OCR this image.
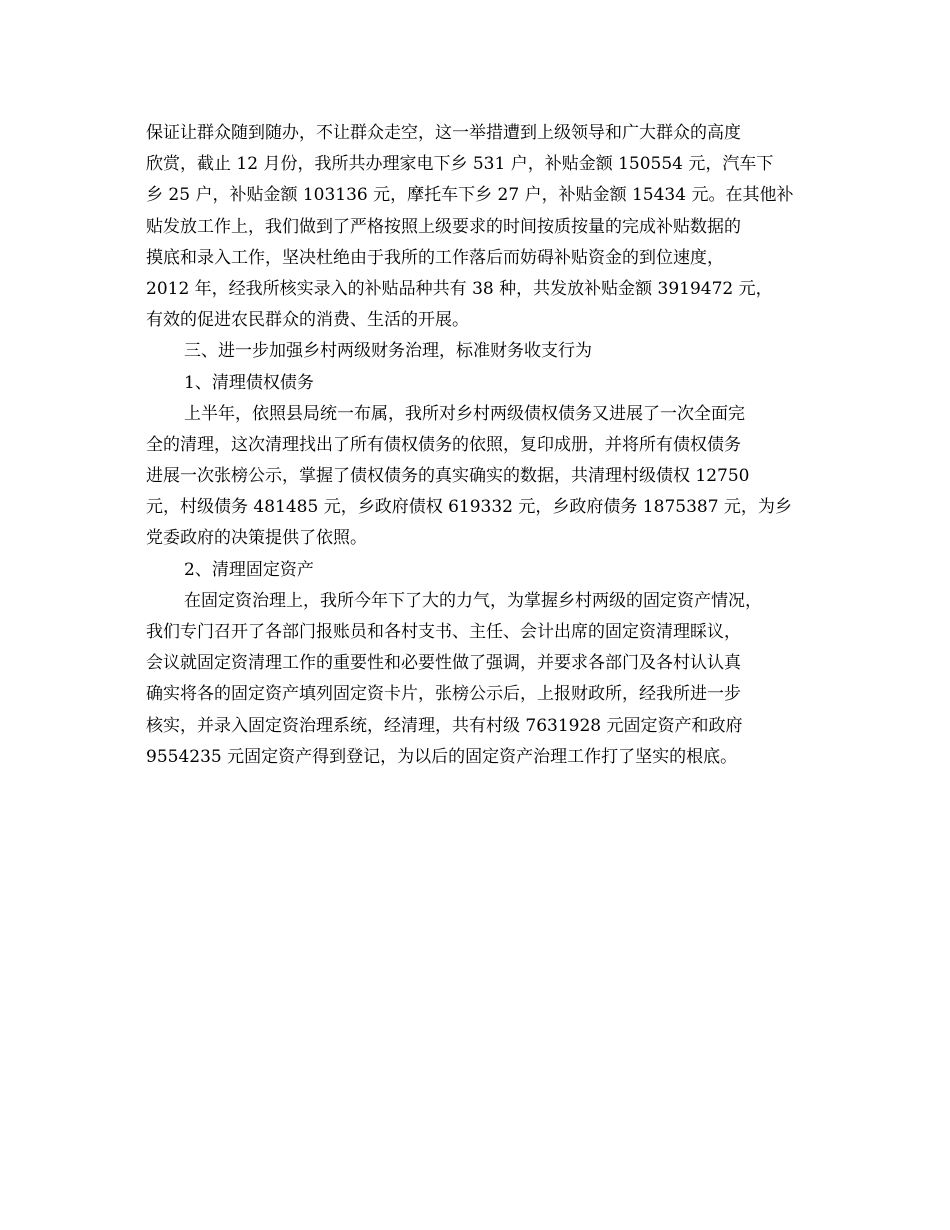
保证让群众随到随办，不让群众走空，这一举措遭到上级领导和广大群众的高度
欣赏，截止 12 月份，我所共办理家电下乡 531 户，补贴金额 150554 元，汽车下
乡 25 户，补贴金额 103136 元，摩托车下乡 27 户，补贴金额 15434 元。在其他补
贴发放工作上，我们做到了严格按照上级要求的时间按质按量的完成补贴数据的
摸底和录入工作，坚决杜绝由于我所的工作落后而妨碍补贴资金的到位速度，
2012 年，经我所核实录入的补贴品种共有 38 种，共发放补贴金额 3919472 元，
有效的促进农民群众的消费、生活的开展。
三、进一步加强乡村两级财务治理，标准财务收支行为
1、清理债权债务
上半年，依照县局统一布属，我所对乡村两级债权债务又进展了一次全面完
全的清理，这次清理找出了所有债权债务的依照，复印成册，并将所有债权债务
进展一次张榜公示，掌握了债权债务的真实确实的数据，共清理村级债权 12750
元，村级债务 481485 元，乡政府债权 619332 元，乡政府债务 1875387 元，为乡
党委政府的决策提供了依照。
2、清理固定资产
在固定资治理上，我所今年下了大的力气，为掌握乡村两级的固定资产情况，
我们专门召开了各部门报账员和各村支书、主任、会计出席的固定资清理睬议，
会议就固定资清理工作的重要性和必要性做了强调，并要求各部门及各村认认真
确实将各的固定资产填列固定资卡片，张榜公示后，上报财政所，经我所进一步
核实，并录入固定资治理系统，经清理，共有村级 7631928 元固定资产和政府
9554235 元固定资产得到登记，为以后的固定资产治理工作打了坚实的根底。
